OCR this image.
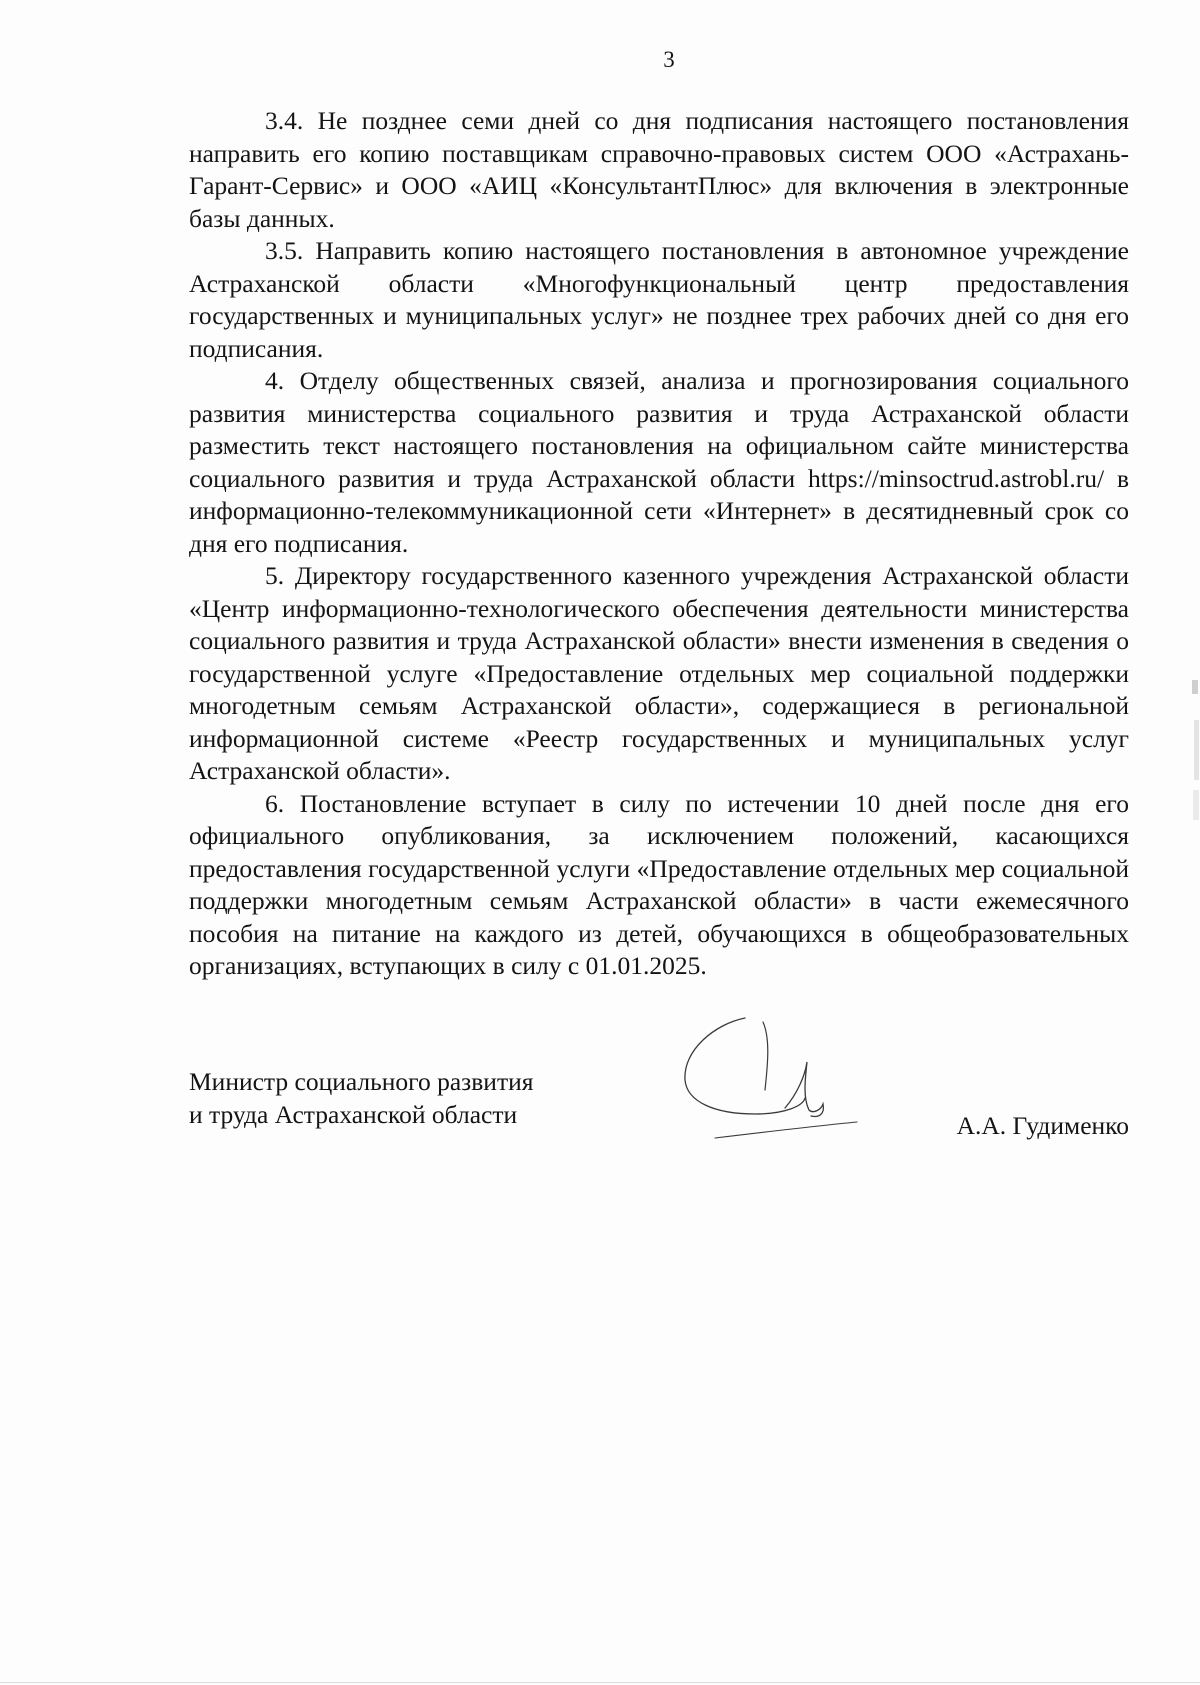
3

3.4. Не позднее семи дней со дня подписания настоящего постановления направить его копию поставщикам справочно-правовых систем ООО «Астрахань-Гарант-Сервис» и ООО «АИЦ «КонсультантПлюс» для включения в электронные базы данных.

3.5. Направить копию настоящего постановления в автономное учреждение Астраханской области «Многофункциональный центр предоставления государственных и муниципальных услуг» не позднее трех рабочих дней со дня его подписания.

4. Отделу общественных связей, анализа и прогнозирования социального развития министерства социального развития и труда Астраханской области разместить текст настоящего постановления на официальном сайте министерства социального развития и труда Астраханской области https://minsoctrud.astrobl.ru/ в информационно-телекоммуникационной сети «Интернет» в десятидневный срок со дня его подписания.

5. Директору государственного казенного учреждения Астраханской области «Центр информационно-технологического обеспечения деятельности министерства социального развития и труда Астраханской области» внести изменения в сведения о государственной услуге «Предоставление отдельных мер социальной поддержки многодетным семьям Астраханской области», содержащиеся в региональной информационной системе «Реестр государственных и муниципальных услуг Астраханской области».

6. Постановление вступает в силу по истечении 10 дней после дня его официального опубликования, за исключением положений, касающихся предоставления государственной услуги «Предоставление отдельных мер социальной поддержки многодетным семьям Астраханской области» в части ежемесячного пособия на питание на каждого из детей, обучающихся в общеобразовательных организациях, вступающих в силу с 01.01.2025.

Министр социального развития
и труда Астраханской области	А.А. Гудименко
